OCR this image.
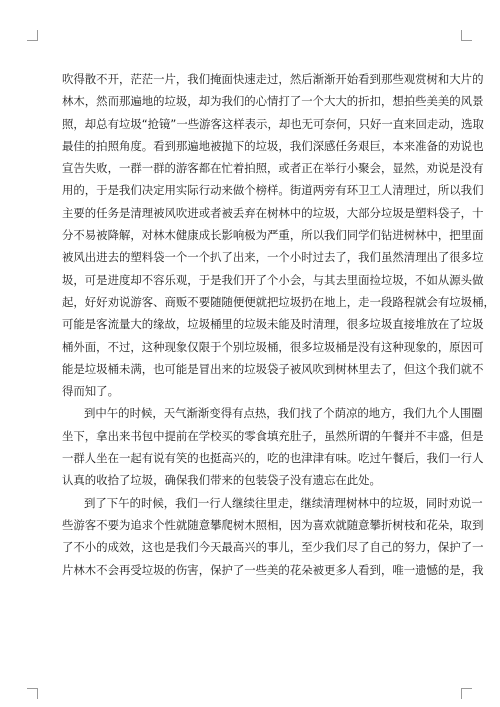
吹得散不开，茫茫一片，我们掩面快速走过，然后渐渐开始看到那些观赏树和大片的
林木，然而那遍地的垃圾，却为我们的心情打了一个大大的折扣，想拍些美美的风景
照，却总有垃圾“抢镜”一些游客这样表示，却也无可奈何，只好一直来回走动，选取
最佳的拍照角度。看到那遍地被抛下的垃圾，我们深感任务艰巨，本来准备的劝说也
宣告失败，一群一群的游客都在忙着拍照，或者正在举行小聚会，显然，劝说是没有
用的，于是我们决定用实际行动来做个榜样。街道两旁有环卫工人清理过，所以我们
主要的任务是清理被风吹进或者被丢弃在树林中的垃圾，大部分垃圾是塑料袋子，十
分不易被降解，对林木健康成长影响极为严重，所以我们同学们钻进树林中，把里面
被风出进去的塑料袋一个一个扒了出来，一个小时过去了，我们虽然清理出了很多垃
圾，可是进度却不容乐观，于是我们开了个小会，与其去里面捡垃圾，不如从源头做
起，好好劝说游客、商贩不要随随便便就把垃圾扔在地上，走一段路程就会有垃圾桶，
可能是客流量大的缘故，垃圾桶里的垃圾未能及时清理，很多垃圾直接堆放在了垃圾
桶外面，不过，这种现象仅限于个别垃圾桶，很多垃圾桶是没有这种现象的，原因可
能是垃圾桶未满，也可能是冒出来的垃圾袋子被风吹到树林里去了，但这个我们就不
得而知了。
到中午的时候，天气渐渐变得有点热，我们找了个荫凉的地方，我们九个人围圈
坐下，拿出来书包中提前在学校买的零食填充肚子，虽然所谓的午餐并不丰盛，但是
一群人坐在一起有说有笑的也挺高兴的，吃的也津津有味。吃过午餐后，我们一行人
认真的收拾了垃圾，确保我们带来的包装袋子没有遗忘在此处。
到了下午的时候，我们一行人继续往里走，继续清理树林中的垃圾，同时劝说一
些游客不要为追求个性就随意攀爬树木照相，因为喜欢就随意攀折树枝和花朵，取到
了不小的成效，这也是我们今天最高兴的事儿，至少我们尽了自己的努力，保护了一
片林木不会再受垃圾的伤害，保护了一些美的花朵被更多人看到，唯一遗憾的是，我
